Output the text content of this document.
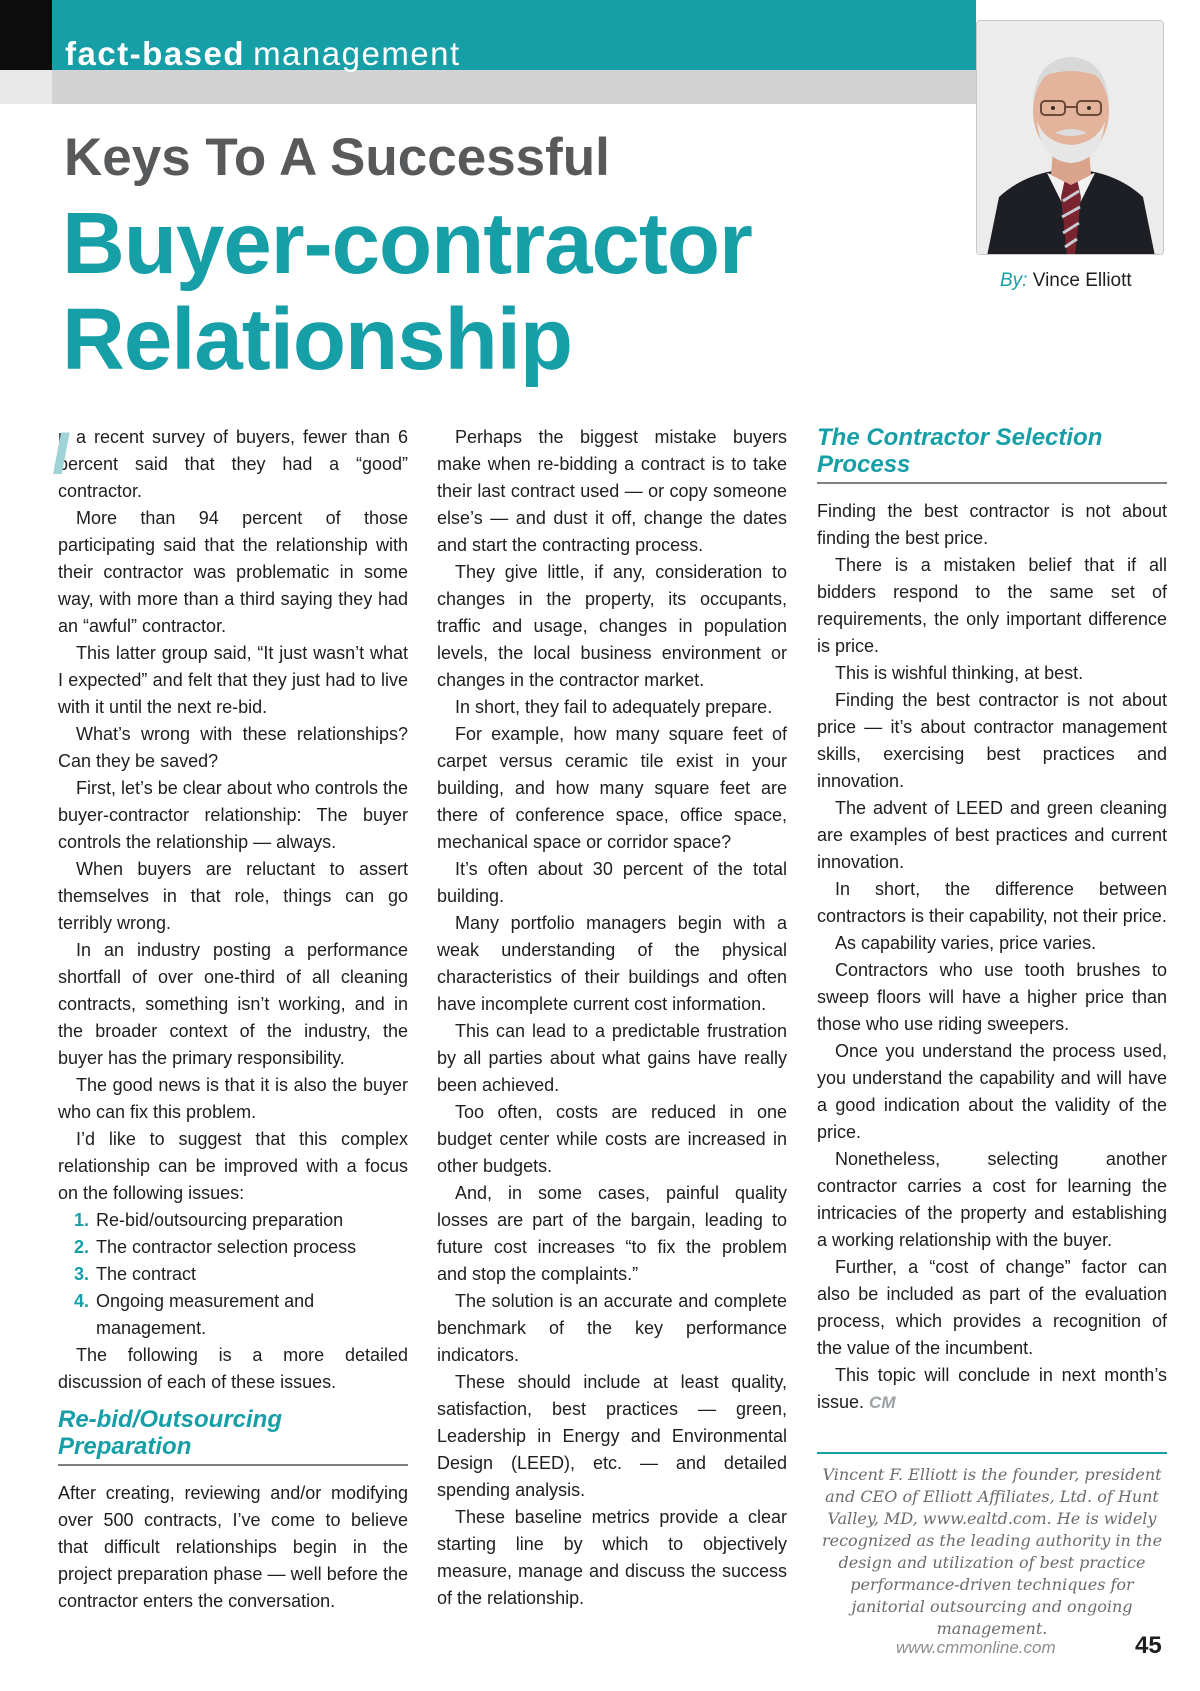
fact-based management
Keys To A Successful
Buyer-contractor
Relationship
By: Vince Elliott

I
n a recent survey of buyers, fewer than 6 percent said that they had a “good” contractor.

More than 94 percent of those participating said that the relationship with their contractor was problematic in some way, with more than a third saying they had an “awful” contractor.

This latter group said, “It just wasn’t what I expected” and felt that they just had to live with it until the next re-bid.

What’s wrong with these relationships? Can they be saved?

First, let’s be clear about who controls the buyer-contractor relationship: The buyer controls the relationship — always.

When buyers are reluctant to assert themselves in that role, things can go terribly wrong.

In an industry posting a performance shortfall of over one-third of all cleaning contracts, something isn’t working, and in the broader context of the industry, the buyer has the primary responsibility.

The good news is that it is also the buyer who can fix this problem.

I’d like to suggest that this complex relationship can be improved with a focus on the following issues:

1. Re-bid/outsourcing preparation
2. The contractor selection process
3. The contract
4. Ongoing measurement and management.

The following is a more detailed discussion of each of these issues.

Re-bid/Outsourcing Preparation

After creating, reviewing and/or modifying over 500 contracts, I’ve come to believe that difficult relationships begin in the project preparation phase — well before the contractor enters the conversation.

Perhaps the biggest mistake buyers make when re-bidding a contract is to take their last contract used — or copy someone else’s — and dust it off, change the dates and start the contracting process.

They give little, if any, consideration to changes in the property, its occupants, traffic and usage, changes in population levels, the local business environment or changes in the contractor market.

In short, they fail to adequately prepare.

For example, how many square feet of carpet versus ceramic tile exist in your building, and how many square feet are there of conference space, office space, mechanical space or corridor space?

It’s often about 30 percent of the total building.

Many portfolio managers begin with a weak understanding of the physical characteristics of their buildings and often have incomplete current cost information.

This can lead to a predictable frustration by all parties about what gains have really been achieved.

Too often, costs are reduced in one budget center while costs are increased in other budgets.

And, in some cases, painful quality losses are part of the bargain, leading to future cost increases “to fix the problem and stop the complaints.”

The solution is an accurate and complete benchmark of the key performance indicators.

These should include at least quality, satisfaction, best practices — green, Leadership in Energy and Environmental Design (LEED), etc. — and detailed spending analysis.

These baseline metrics provide a clear starting line by which to objectively measure, manage and discuss the success of the relationship.

The Contractor Selection Process

Finding the best contractor is not about finding the best price.

There is a mistaken belief that if all bidders respond to the same set of requirements, the only important difference is price.

This is wishful thinking, at best.

Finding the best contractor is not about price — it’s about contractor management skills, exercising best practices and innovation.

The advent of LEED and green cleaning are examples of best practices and current innovation.

In short, the difference between contractors is their capability, not their price.

As capability varies, price varies.

Contractors who use tooth brushes to sweep floors will have a higher price than those who use riding sweepers.

Once you understand the process used, you understand the capability and will have a good indication about the validity of the price.

Nonetheless, selecting another contractor carries a cost for learning the intricacies of the property and establishing a working relationship with the buyer.

Further, a “cost of change” factor can also be included as part of the evaluation process, which provides a recognition of the value of the incumbent.

This topic will conclude in next month’s issue. CM

Vincent F. Elliott is the founder, president and CEO of Elliott Affiliates, Ltd. of Hunt Valley, MD, www.ealtd.com. He is widely recognized as the leading authority in the design and utilization of best practice performance-driven techniques for janitorial outsourcing and ongoing management.
www.cmmonline.com	45
